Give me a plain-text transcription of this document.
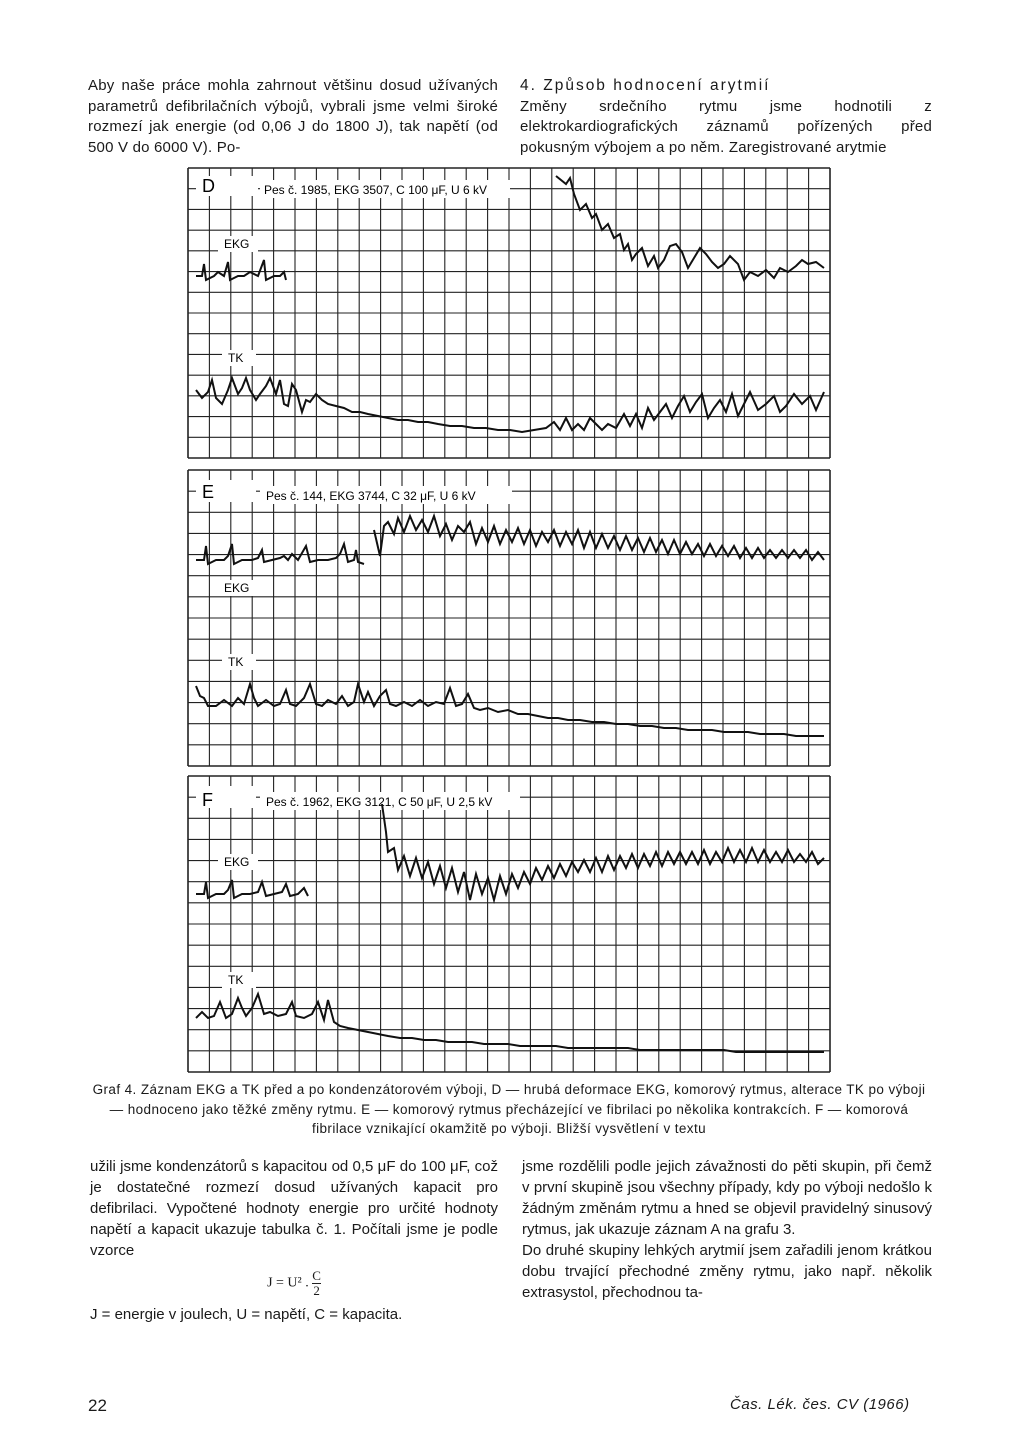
Aby naše práce mohla zahrnout většinu dosud užívaných parametrů defibrilačních výbojů, vybrali jsme velmi široké rozmezí jak energie (od 0,06 J do 1800 J), tak napětí (od 500 V do 6000 V). Po-

4. Způsob hodnocení arytmií

Změny srdečního rytmu jsme hodnotili z elektrokardiografických záznamů pořízených před pokusným výbojem a po něm. Zaregistrované arytmie

D	Pes č. 1985, EKG 3507, C 100 μF, U 6 kV
EKG
TK
E	Pes č. 144, EKG 3744, C 32 μF, U 6 kV
EKG
TK
F	Pes č. 1962, EKG 3121, C 50 μF, U 2,5 kV
EKG
TK
Graf 4. Záznam EKG a TK před a po kondenzátorovém výboji, D — hrubá deformace EKG, komorový rytmus, alterace TK po výboji — hodnoceno jako těžké změny rytmu. E — komorový rytmus přecházející ve fibrilaci po několika kontrakcích. F — komorová fibrilace vznikající okamžitě po výboji. Bližší vysvětlení v textu

užili jsme kondenzátorů s kapacitou od 0,5 μF do 100 μF, což je dostatečné rozmezí dosud užívaných kapacit pro defibrilaci. Vypočtené hodnoty energie pro určité hodnoty napětí a kapacit ukazuje tabulka č. 1. Počítali jsme je podle vzorce

J = U² . $\frac{C}{2}$

J = energie v joulech, U = napětí, C = kapacita.

jsme rozdělili podle jejich závažnosti do pěti skupin, při čemž v první skupině jsou všechny případy, kdy po výboji nedošlo k žádným změnám rytmu a hned se objevil pravidelný sinusový rytmus, jak ukazuje záznam A na grafu 3.

Do druhé skupiny lehkých arytmií jsem zařadili jenom krátkou dobu trvající přechodné změny rytmu, jako např. několik extrasystol, přechodnou ta-

22	Čas. Lék. čes. CV (1966)
